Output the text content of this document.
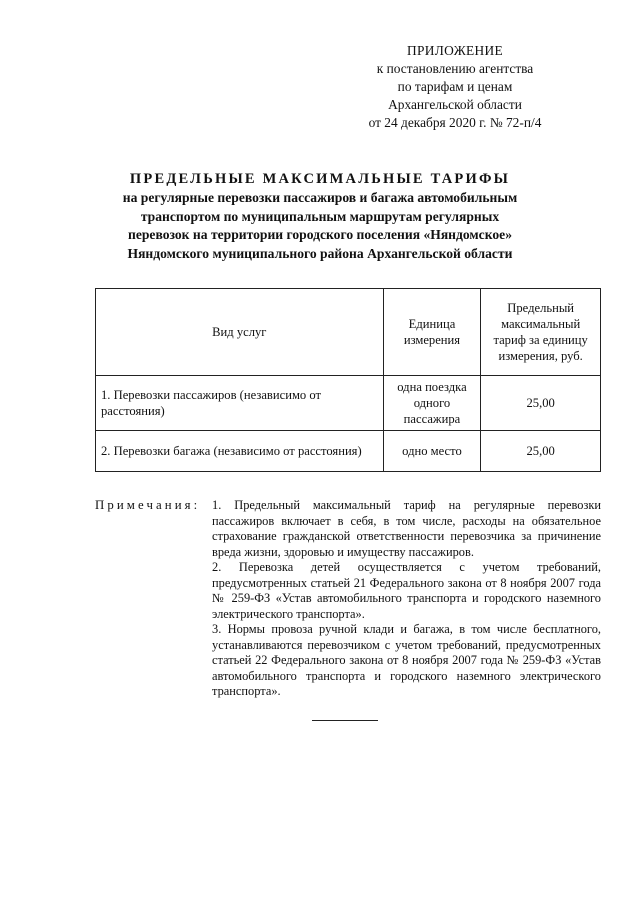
ПРИЛОЖЕНИЕ
к постановлению агентства
по тарифам и ценам
Архангельской области
от 24 декабря 2020 г. № 72-п/4
ПРЕДЕЛЬНЫЕ МАКСИМАЛЬНЫЕ ТАРИФЫ
на регулярные перевозки пассажиров и багажа автомобильным
транспортом по муниципальным маршрутам регулярных
перевозок на территории городского поселения «Няндомское»
Няндомского муниципального района Архангельской области
Вид услуг	Единица измерения	Предельный максимальный тариф за единицу измерения, руб.
1. Перевозки пассажиров (независимо от расстояния)	одна поездка одного пассажира	25,00
2. Перевозки багажа (независимо от расстояния)	одно место	25,00
Примечания: 1. Предельный максимальный тариф на регулярные перевозки пассажиров включает в себя, в том числе, расходы на обязательное страхование гражданской ответственности перевозчика за причинение вреда жизни, здоровью и имуществу пассажиров.

2. Перевозка детей осуществляется с учетом требований, предусмотренных статьей 21 Федерального закона от 8 ноября 2007 года № 259-ФЗ «Устав автомобильного транспорта и городского наземного электрического транспорта».

3. Нормы провоза ручной клади и багажа, в том числе бесплатного, устанавливаются перевозчиком с учетом требований, предусмотренных статьей 22 Федерального закона от 8 ноября 2007 года № 259-ФЗ «Устав автомобильного транспорта и городского наземного электрического транспорта».
